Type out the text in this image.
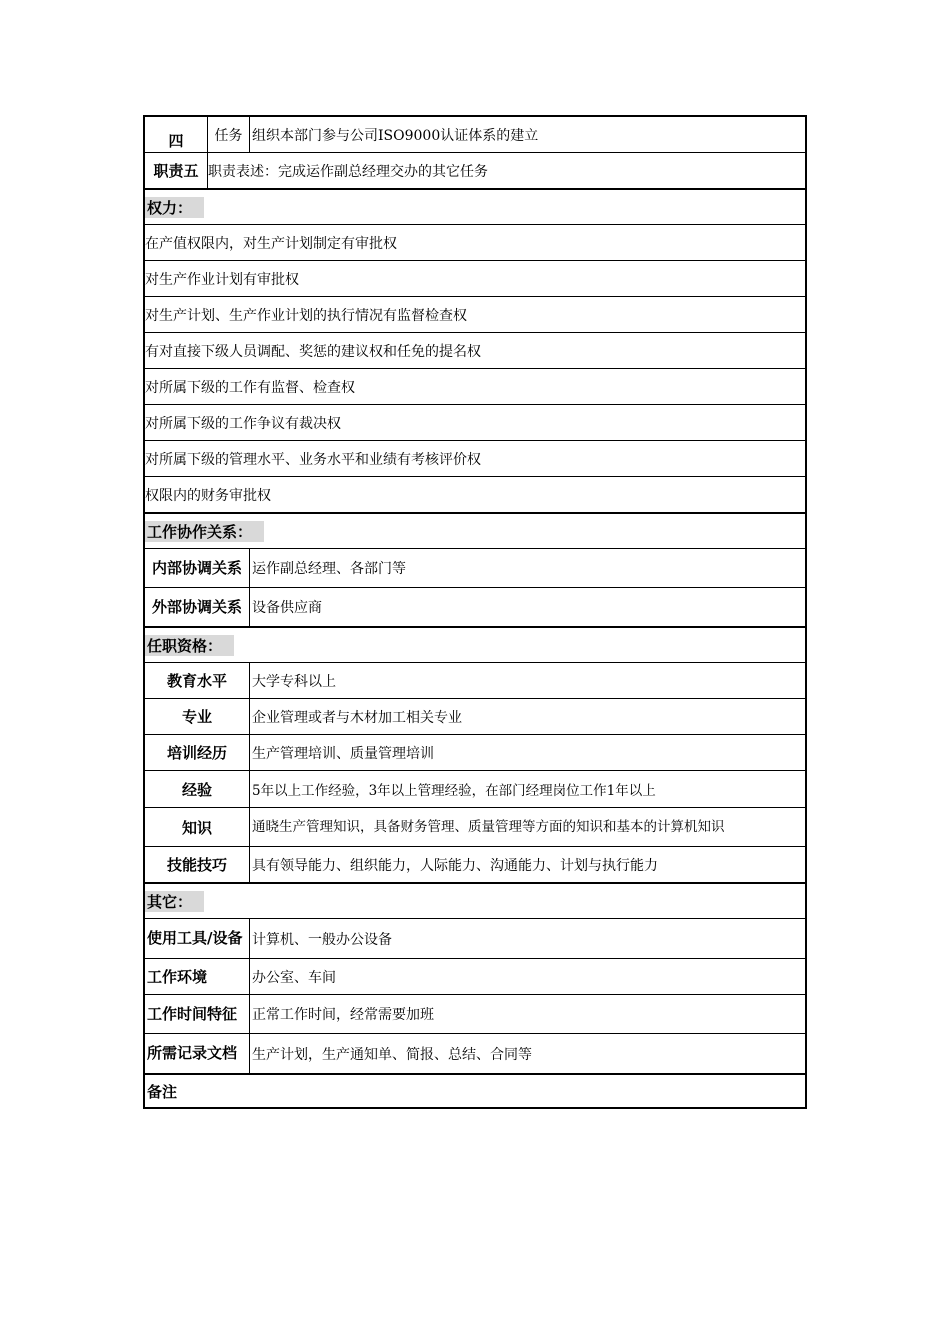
四	任务 组织本部门参与公司ISO9000认证体系的建立
职责五 职责表述：完成运作副总经理交办的其它任务
权力：
在产值权限内，对生产计划制定有审批权
对生产作业计划有审批权
对生产计划、生产作业计划的执行情况有监督检查权
有对直接下级人员调配、奖惩的建议权和任免的提名权
对所属下级的工作有监督、检查权
对所属下级的工作争议有裁决权
对所属下级的管理水平、业务水平和业绩有考核评价权
权限内的财务审批权
工作协作关系：
内部协调关系 运作副总经理、各部门等
外部协调关系 设备供应商
任职资格：
教育水平	大学专科以上
专业	企业管理或者与木材加工相关专业
培训经历	生产管理培训、质量管理培训
经验	5年以上工作经验，3年以上管理经验，在部门经理岗位工作1年以上
知识	通晓生产管理知识，具备财务管理、质量管理等方面的知识和基本的计算机知识
技能技巧	具有领导能力、组织能力，人际能力、沟通能力、计划与执行能力
其它：
使用工具/设备 计算机、一般办公设备
工作环境	办公室、车间
工作时间特征 正常工作时间，经常需要加班
所需记录文档 生产计划，生产通知单、简报、总结、合同等
备注
